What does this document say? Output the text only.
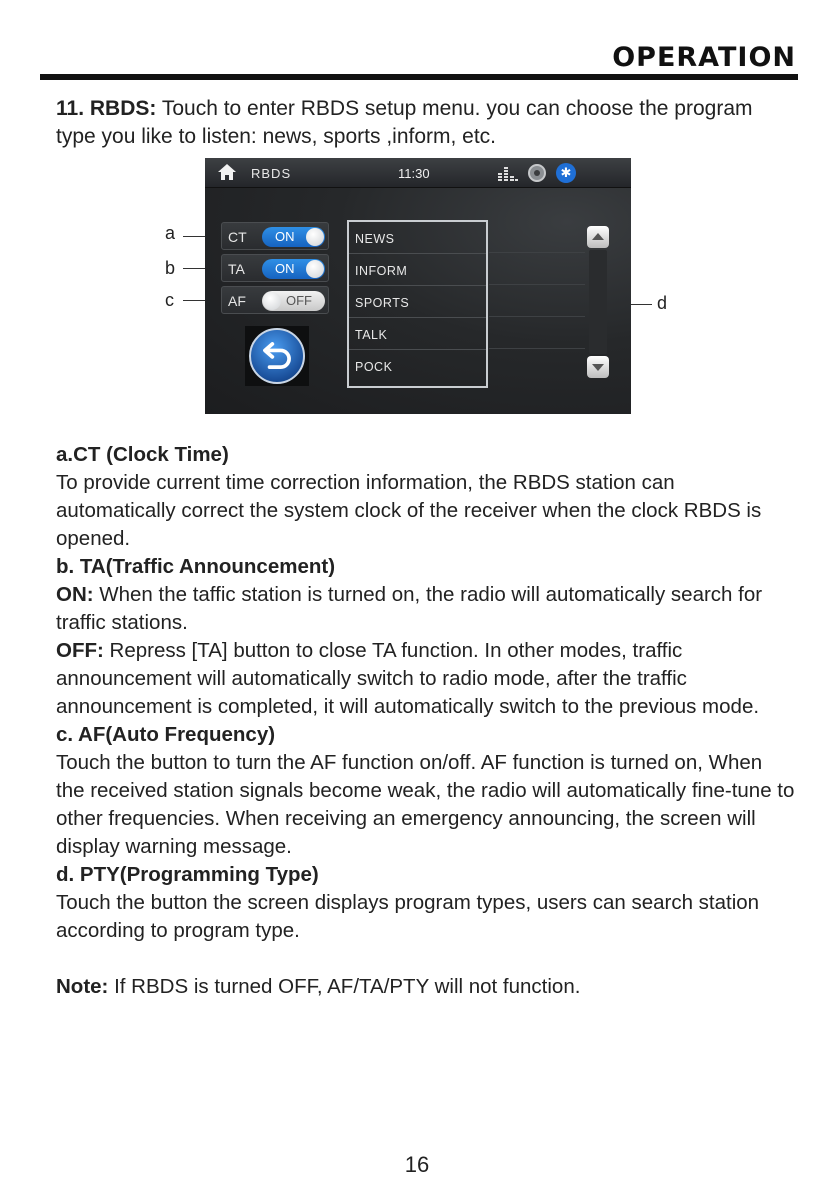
OPERATION
11. RBDS: Touch to enter RBDS setup menu. you can choose the program type you like to listen: news, sports ,inform, etc.
a
b
c	d
RBDS	11:30	✱
CT ON
TA ON
AF	OFF
NEWS
INFORM
SPORTS
TALK
POCK

a.CT (Clock Time)

To provide current time correction information, the RBDS station can automatically correct the system clock of the receiver when the clock RBDS is opened.

b. TA(Traffic Announcement)

ON: When the taffic station is turned on, the radio will automatically search for traffic stations.

OFF: Repress [TA] button to close TA function. In other modes, traffic announcement will automatically switch to radio mode, after the traffic announcement is completed, it will automatically switch to the previous mode.

c. AF(Auto Frequency)

Touch the button to turn the AF function on/off. AF function is turned on, When the received station signals become weak, the radio will automatically fine-tune to other frequencies. When receiving an emergency announcing, the screen will display warning message.

d. PTY(Programming Type)

Touch the button the screen displays program types, users can search station according to program type.

Note: If RBDS is turned OFF, AF/TA/PTY will not function.

16
